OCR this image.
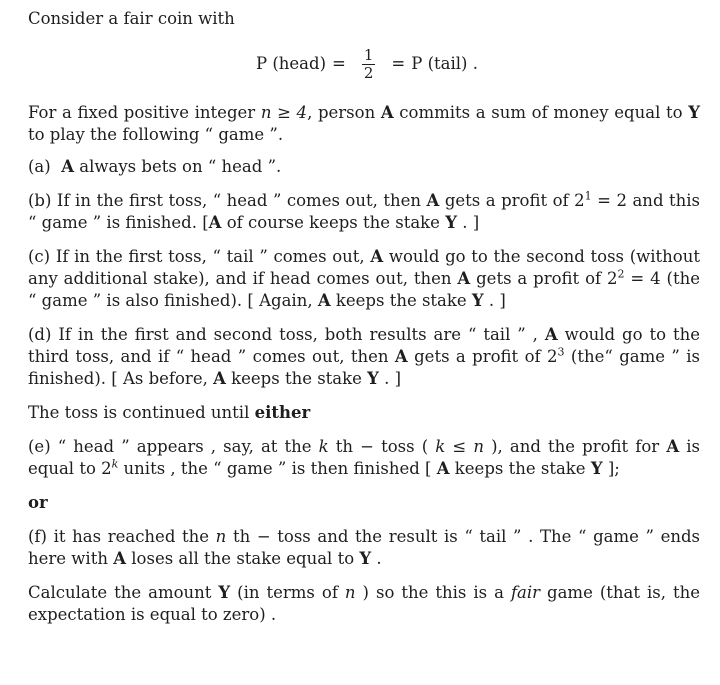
Consider a fair coin with

P (head) = $\frac{1}{2} = P$ (tail) .

For a fixed positive integer n ≥ 4, person A commits a sum of money equal to Y to play the following “ game ”.

(a) A always bets on “ head ”.

(b) If in the first toss, “ head ” comes out, then A gets a profit of $2^1 = 2$ and this “ game ” is finished. [A of course keeps the stake Y . ]

(c) If in the first toss, “ tail ” comes out, A would go to the second toss (without any additional stake), and if head comes out, then A gets a profit of $2^2 = 4$ (the “ game ” is also finished). [ Again, A keeps the stake Y . ]

(d) If in the first and second toss, both results are “ tail ” , A would go to the third toss, and if “ head ” comes out, then A gets a profit of $2^3$ (the“ game ” is finished). [ As before, A keeps the stake Y . ]

The toss is continued until either

(e) “ head ” appears , say, at the k th − toss ( k ≤ n ), and the profit for A is equal to 2$^k$ units , the “ game ” is then finished [ A keeps the stake Y ];

or

(f) it has reached the n th − toss and the result is “ tail ” . The “ game ” ends here with A loses all the stake equal to Y .

Calculate the amount Y (in terms of n ) so the this is a fair game (that is, the expectation is equal to zero) .
